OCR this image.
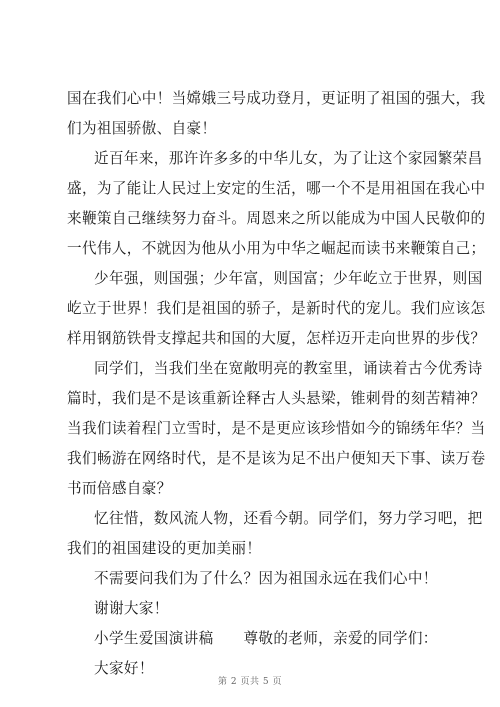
国在我们心中！当嫦娥三号成功登月，更证明了祖国的强大，我
们为祖国骄傲、自豪！
近百年来，那许许多多的中华儿女，为了让这个家园繁荣昌
盛，为了能让人民过上安定的生活，哪一个不是用祖国在我心中
来鞭策自己继续努力奋斗。周恩来之所以能成为中国人民敬仰的
一代伟人，不就因为他从小用为中华之崛起而读书来鞭策自己；
少年强，则国强；少年富，则国富；少年屹立于世界，则国
屹立于世界！我们是祖国的骄子，是新时代的宠儿。我们应该怎
样用钢筋铁骨支撑起共和国的大厦，怎样迈开走向世界的步伐？
同学们，当我们坐在宽敞明亮的教室里，诵读着古今优秀诗
篇时，我们是不是该重新诠释古人头悬梁，锥刺骨的刻苦精神？
当我们读着程门立雪时，是不是更应该珍惜如今的锦绣年华？当
我们畅游在网络时代，是不是该为足不出户便知天下事、读万卷
书而倍感自豪？
忆往惜，数风流人物，还看今朝。同学们，努力学习吧，把
我们的祖国建设的更加美丽！
不需要问我们为了什么？因为祖国永远在我们心中！
谢谢大家！
小学生爱国演讲稿　　尊敬的老师，亲爱的同学们：
大家好！
第 2 页共 5 页
